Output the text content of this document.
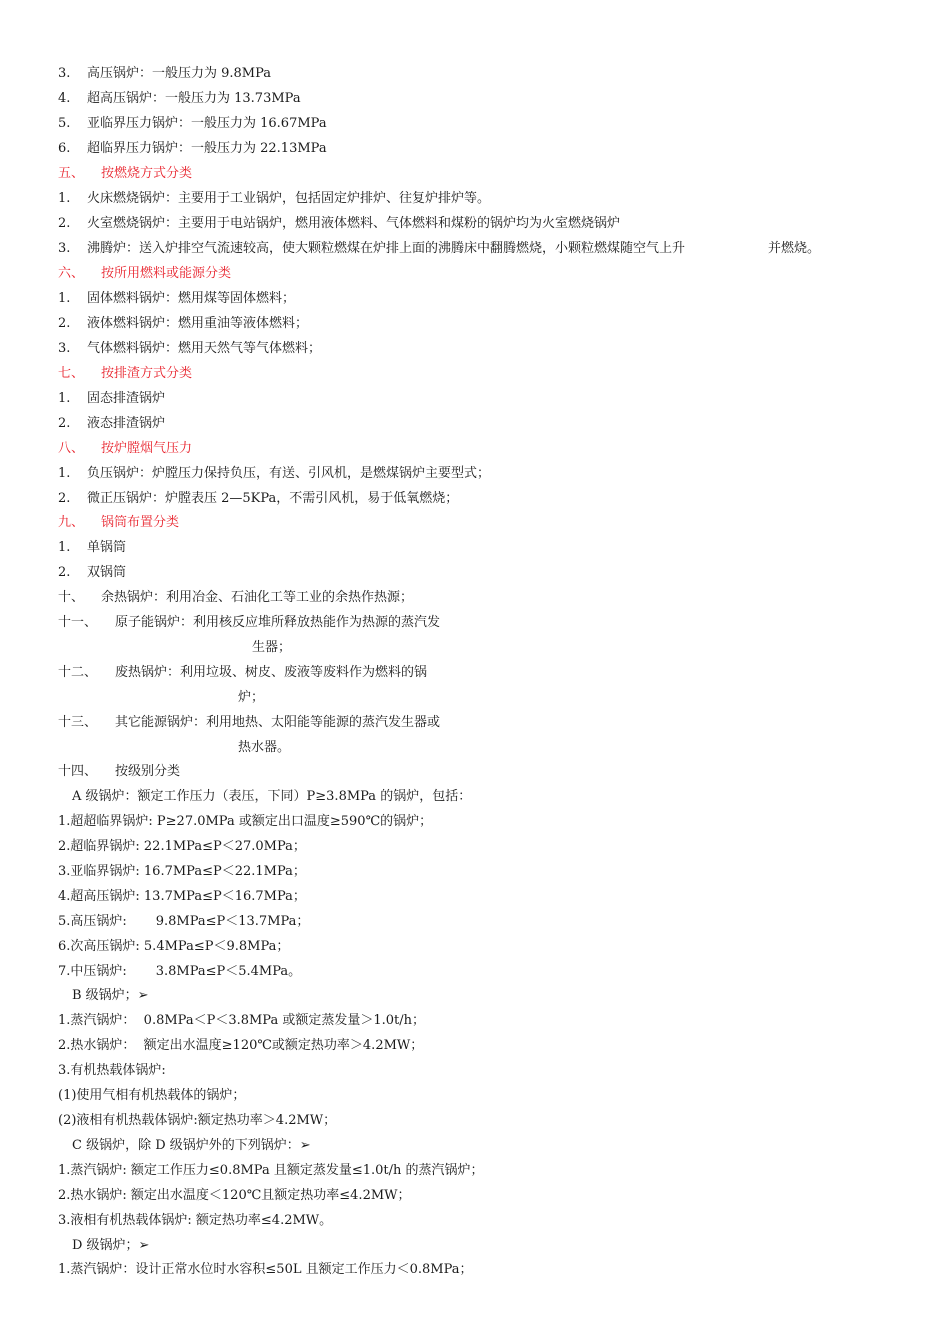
3. 高压锅炉：一般压力为 9.8MPa
4. 超高压锅炉：一般压力为 13.73MPa
5. 亚临界压力锅炉：一般压力为 16.67MPa
6. 超临界压力锅炉：一般压力为 22.13MPa
五、 按燃烧方式分类
1. 火床燃烧锅炉：主要用于工业锅炉，包括固定炉排炉、往复炉排炉等。
2. 火室燃烧锅炉：主要用于电站锅炉，燃用液体燃料、气体燃料和煤粉的锅炉均为火室燃烧锅炉
3. 沸腾炉：送入炉排空气流速较高，使大颗粒燃煤在炉排上面的沸腾床中翻腾燃烧，小颗粒燃煤随空气上升	并燃烧。
六、 按所用燃料或能源分类
1. 固体燃料锅炉：燃用煤等固体燃料；
2. 液体燃料锅炉：燃用重油等液体燃料；
3. 气体燃料锅炉：燃用天然气等气体燃料；
七、 按排渣方式分类
1. 固态排渣锅炉
2. 液态排渣锅炉
八、 按炉膛烟气压力
1. 负压锅炉：炉膛压力保持负压，有送、引风机，是燃煤锅炉主要型式；
2. 微正压锅炉：炉膛表压 2—5KPa，不需引风机，易于低氧燃烧；
九、 锅筒布置分类
1. 单锅筒
2. 双锅筒
十、 余热锅炉：利用冶金、石油化工等工业的余热作热源；
十一、 原子能锅炉：利用核反应堆所释放热能作为热源的蒸汽发
生器；
十二、 废热锅炉：利用垃圾、树皮、废液等废料作为燃料的锅
炉；
十三、 其它能源锅炉：利用地热、太阳能等能源的蒸汽发生器或
热水器。
十四、 按级别分类
A 级锅炉：额定工作压力（表压，下同）P≥3.8MPa 的锅炉，包括：
1.超超临界锅炉: P≥27.0MPa 或额定出口温度≥590℃的锅炉；
2.超临界锅炉: 22.1MPa≤P＜27.0MPa；
3.亚临界锅炉: 16.7MPa≤P＜22.1MPa；
4.超高压锅炉: 13.7MPa≤P＜16.7MPa；
5.高压锅炉:       9.8MPa≤P＜13.7MPa；
6.次高压锅炉: 5.4MPa≤P＜9.8MPa；
7.中压锅炉:       3.8MPa≤P＜5.4MPa。
B 级锅炉；➢
1.蒸汽锅炉：  0.8MPa＜P＜3.8MPa 或额定蒸发量＞1.0t/h；
2.热水锅炉：  额定出水温度≥120℃或额定热功率＞4.2MW；
3.有机热载体锅炉:
(1)使用气相有机热载体的锅炉；
(2)液相有机热载体锅炉:额定热功率＞4.2MW；
C 级锅炉，除 D 级锅炉外的下列锅炉：➢
1.蒸汽锅炉: 额定工作压力≤0.8MPa 且额定蒸发量≤1.0t/h 的蒸汽锅炉；
2.热水锅炉: 额定出水温度＜120℃且额定热功率≤4.2MW；
3.液相有机热载体锅炉: 额定热功率≤4.2MW。
D 级锅炉；➢
1.蒸汽锅炉：设计正常水位时水容积≤50L 且额定工作压力＜0.8MPa；
